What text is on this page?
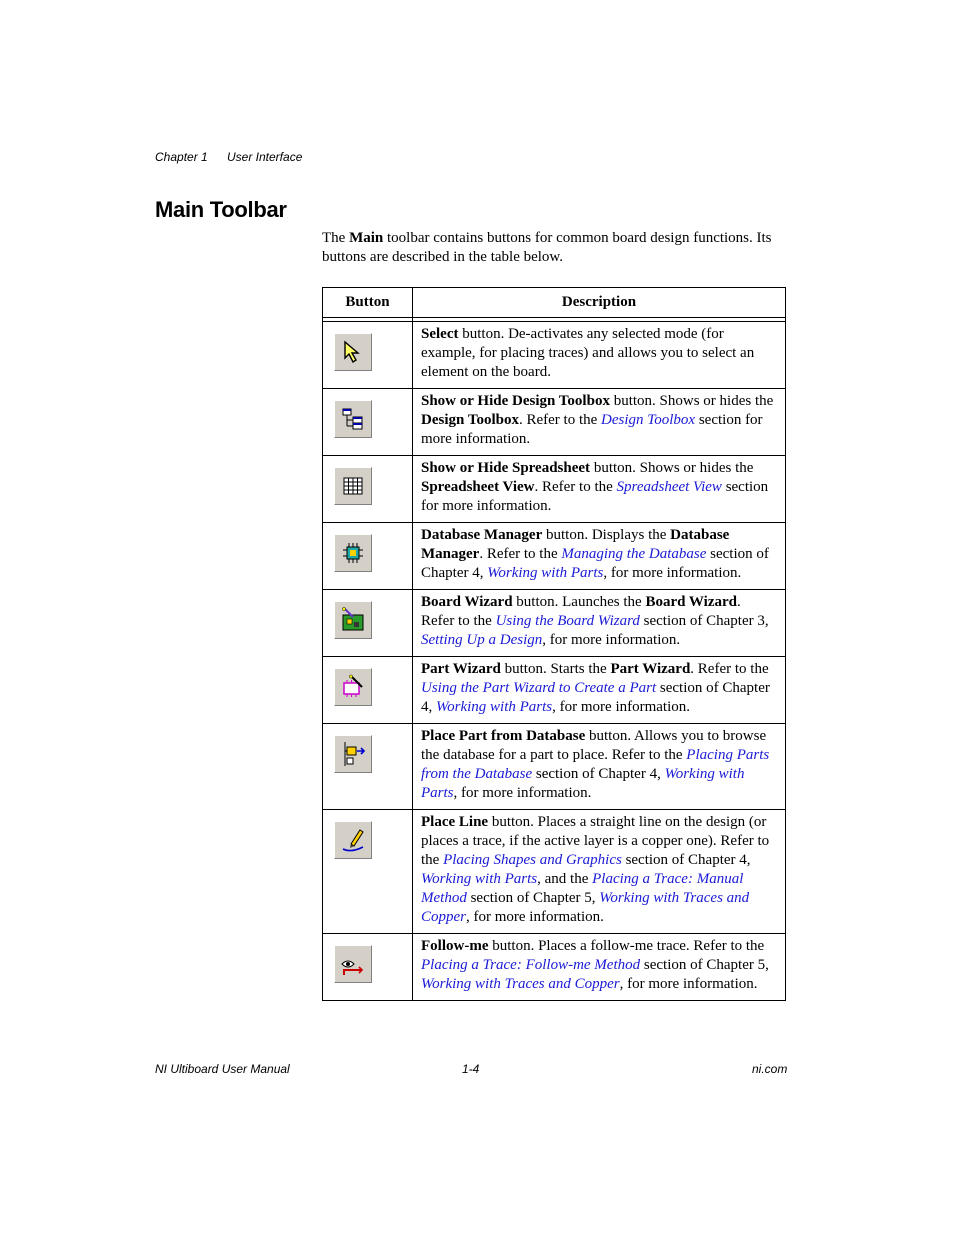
Chapter 1 User Interface
Main Toolbar

The Main toolbar contains buttons for common board design functions. Its buttons are described in the table below.

Button	Description

	Select button. De-activates any selected mode (for example, for placing traces) and allows you to select an element on the board.

	Show or Hide Design Toolbox button. Shows or hides the Design Toolbox. Refer to the Design Toolbox section for more information.

	Show or Hide Spreadsheet button. Shows or hides the Spreadsheet View. Refer to the Spreadsheet View section for more information.

	Database Manager button. Displays the Database Manager. Refer to the Managing the Database section of Chapter 4, Working with Parts, for more information.

	Board Wizard button. Launches the Board Wizard. Refer to the Using the Board Wizard section of Chapter 3, Setting Up a Design, for more information.

	Part Wizard button. Starts the Part Wizard. Refer to the Using the Part Wizard to Create a Part section of Chapter 4, Working with Parts, for more information.

	Place Part from Database button. Allows you to browse the database for a part to place. Refer to the Placing Parts from the Database section of Chapter 4, Working with Parts, for more information.

	Place Line button. Places a straight line on the design (or places a trace, if the active layer is a copper one). Refer to the Placing Shapes and Graphics section of Chapter 4, Working with Parts, and the Placing a Trace: Manual Method section of Chapter 5, Working with Traces and Copper, for more information.

	Follow-me button. Places a follow-me trace. Refer to the Placing a Trace: Follow-me Method section of Chapter 5, Working with Traces and Copper, for more information.
NI Ultiboard User Manual	1-4	ni.com
